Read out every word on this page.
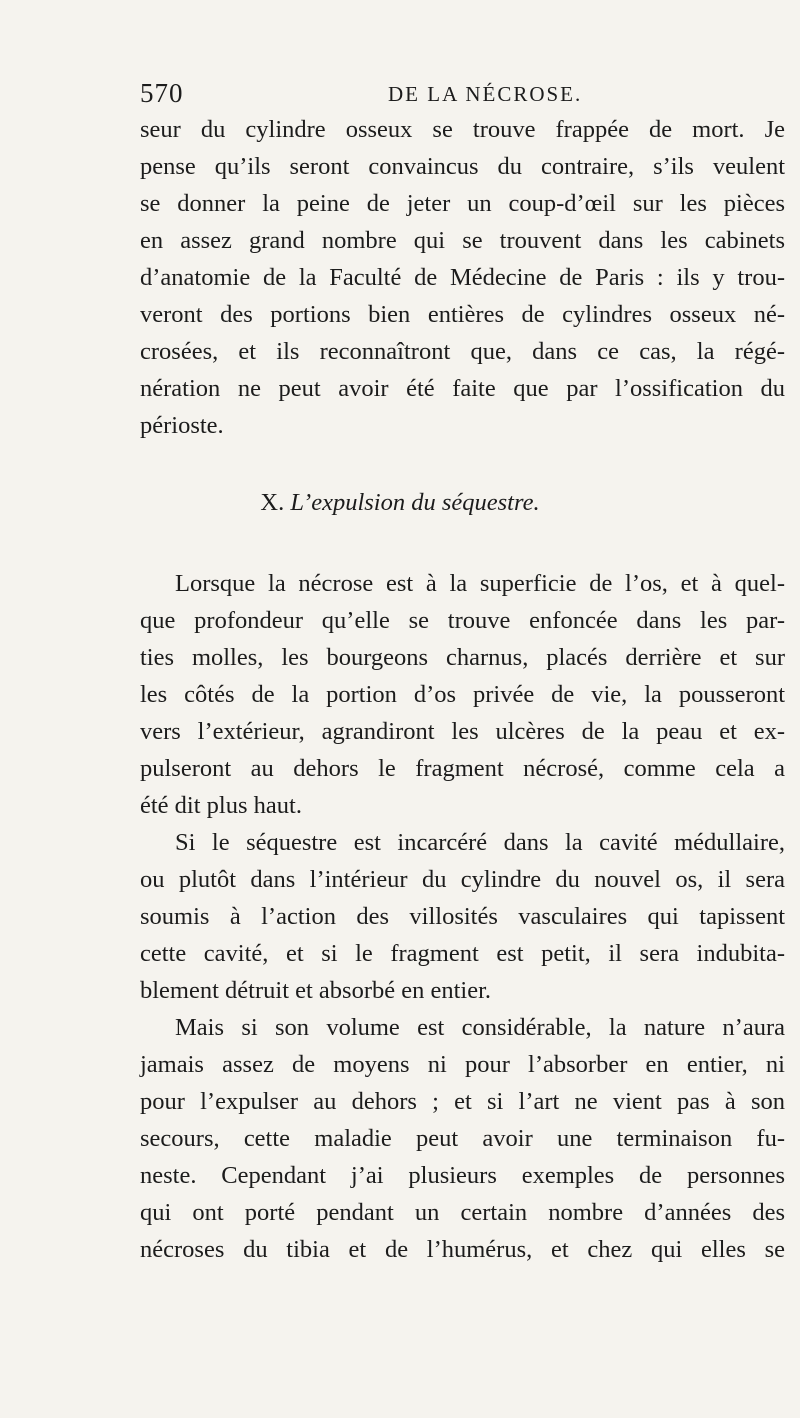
570	DE LA NÉCROSE.
seur du cylindre osseux se trouve frappée de mort. Je
pense qu’ils seront convaincus du contraire, s’ils veulent
se donner la peine de jeter un coup-d’œil sur les pièces
en assez grand nombre qui se trouvent dans les cabinets
d’anatomie de la Faculté de Médecine de Paris : ils y trou-
veront des portions bien entières de cylindres osseux né-
crosées, et ils reconnaîtront que, dans ce cas, la régé-
nération ne peut avoir été faite que par l’ossification du
périoste.
X. L’expulsion du séquestre.
Lorsque la nécrose est à la superficie de l’os, et à quel-
que profondeur qu’elle se trouve enfoncée dans les par-
ties molles, les bourgeons charnus, placés derrière et sur
les côtés de la portion d’os privée de vie, la pousseront
vers l’extérieur, agrandiront les ulcères de la peau et ex-
pulseront au dehors le fragment nécrosé, comme cela a
été dit plus haut.
Si le séquestre est incarcéré dans la cavité médullaire,
ou plutôt dans l’intérieur du cylindre du nouvel os, il sera
soumis à l’action des villosités vasculaires qui tapissent
cette cavité, et si le fragment est petit, il sera indubita-
blement détruit et absorbé en entier.
Mais si son volume est considérable, la nature n’aura
jamais assez de moyens ni pour l’absorber en entier, ni
pour l’expulser au dehors ; et si l’art ne vient pas à son
secours, cette maladie peut avoir une terminaison fu-
neste. Cependant j’ai plusieurs exemples de personnes
qui ont porté pendant un certain nombre d’années des
nécroses du tibia et de l’humérus, et chez qui elles se
